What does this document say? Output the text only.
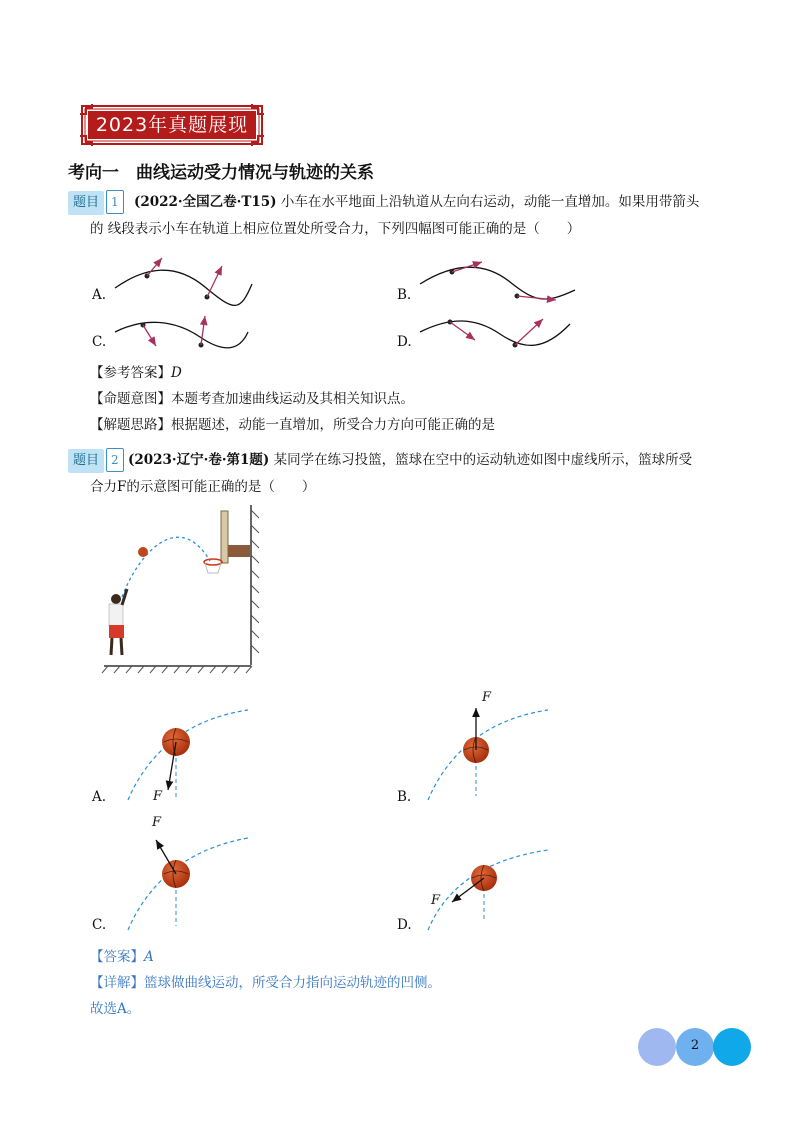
2023年真题展现
考向一　曲线运动受力情况与轨迹的关系
题目 1 (2022·全国乙卷·T15) 小车在水平地面上沿轨道从左向右运动，动能一直增加。如果用带箭头
的 线段表示小车在轨道上相应位置处所受合力，下列四幅图可能正确的是（　　）
A.	B.
C.	D.
【参考答案】D
【命题意图】本题考查加速曲线运动及其相关知识点。
【解题思路】根据题述，动能一直增加，所受合力方向可能正确的是
题目 2 (2023·辽宁·卷·第1题) 某同学在练习投篮，篮球在空中的运动轨迹如图中虚线所示，篮球所受
合力F的示意图可能正确的是（　　）
F
F
F
F
A.	B.
C.	D.
【答案】A
【详解】篮球做曲线运动，所受合力指向运动轨迹的凹侧。
故选A。
2
